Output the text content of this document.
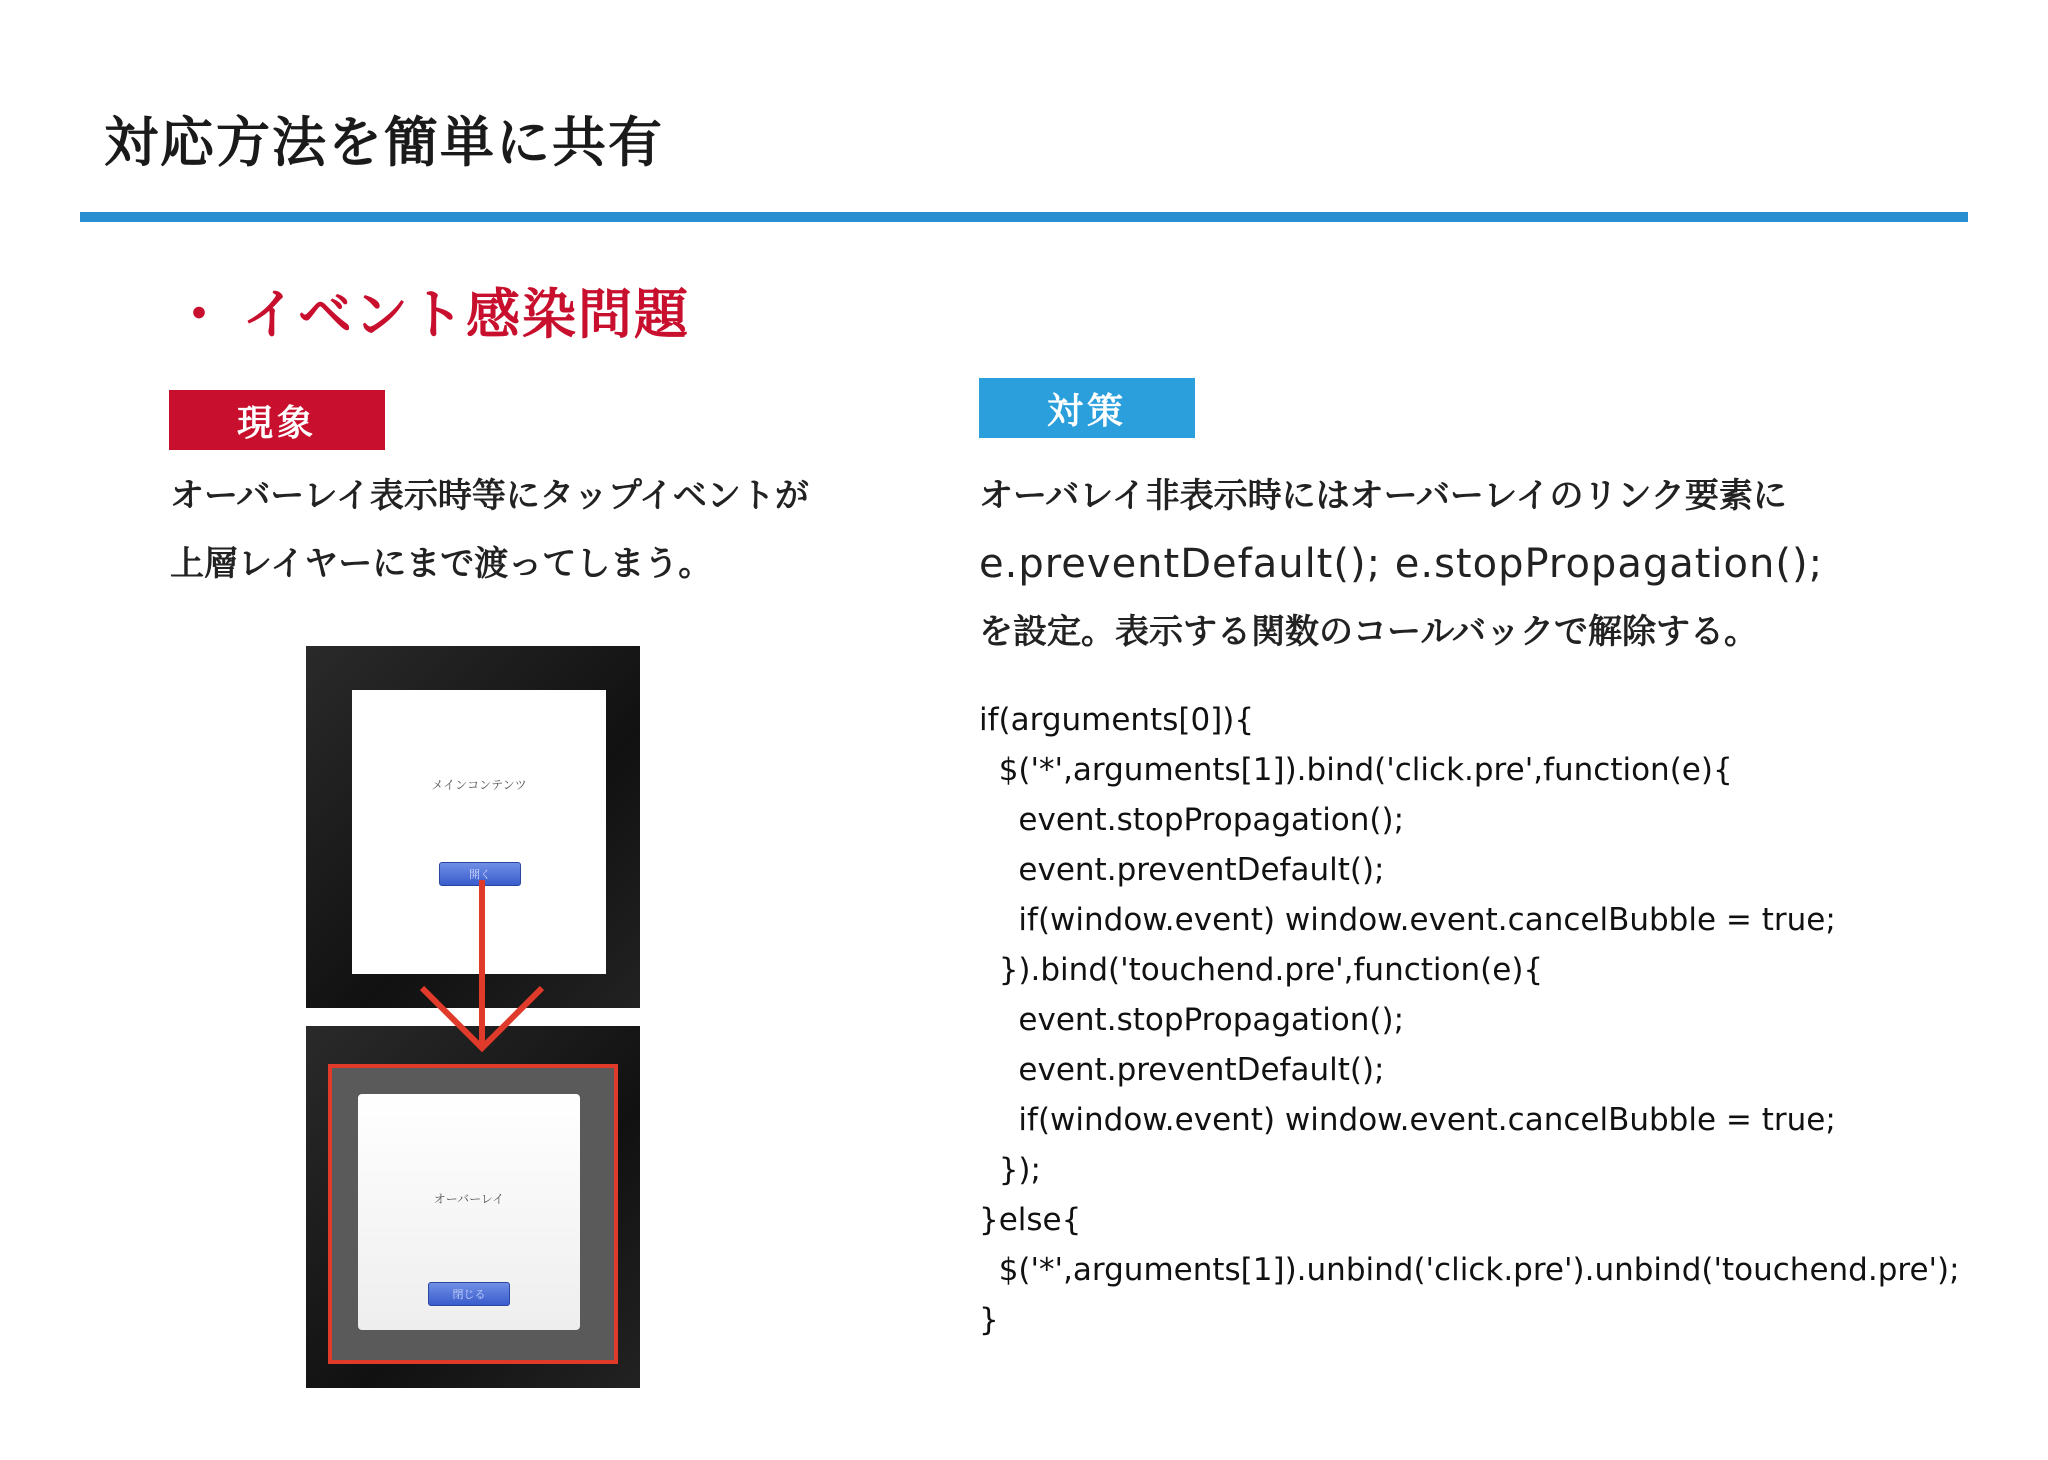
対応方法を簡単に共有
・ イベント感染問題
現象
オーバーレイ表示時等にタップイベントが
上層レイヤーにまで渡ってしまう。
対策
オーバレイ非表示時にはオーバーレイのリンク要素に
e.preventDefault(); e.stopPropagation();
を設定。表示する関数のコールバックで解除する。
if(arguments[0]){
$('*',arguments[1]).bind('click.pre',function(e){
event.stopPropagation();
event.preventDefault();
if(window.event) window.event.cancelBubble = true;
}).bind('touchend.pre',function(e){
event.stopPropagation();
event.preventDefault();
if(window.event) window.event.cancelBubble = true;
});
}else{
$('*',arguments[1]).unbind('click.pre').unbind('touchend.pre');
}
メインコンテンツ
開く
オーバーレイ
閉じる
